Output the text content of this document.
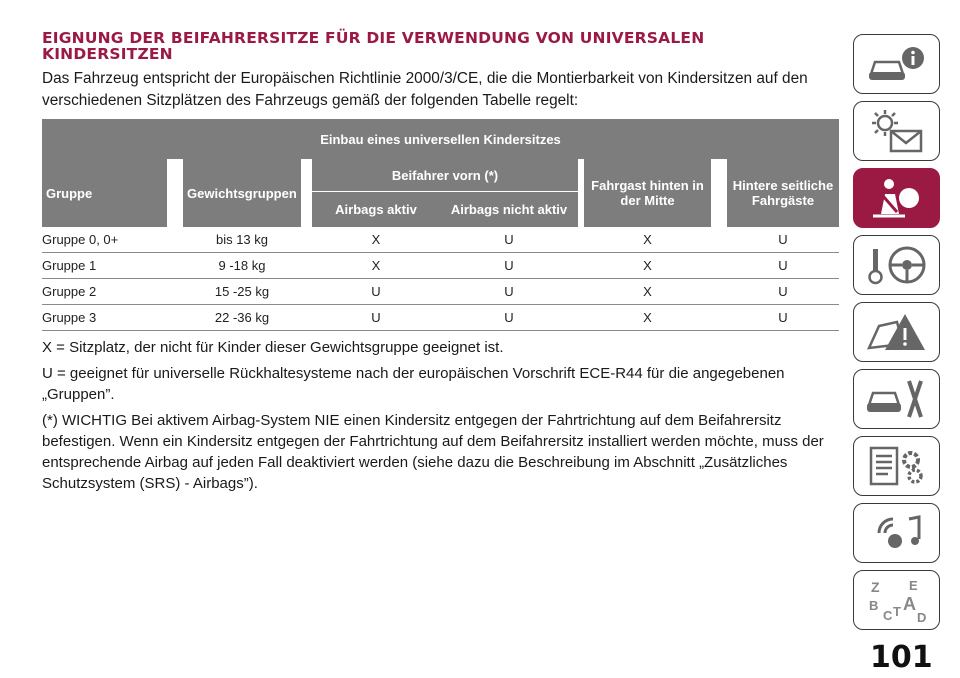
EIGNUNG DER BEIFAHRERSITZE FÜR DIE VERWENDUNG VON UNIVERSALEN KINDERSITZEN
Das Fahrzeug entspricht der Europäischen Richtlinie 2000/3/CE, die die Montierbarkeit von Kindersitzen auf den verschiedenen Sitzplätzen des Fahrzeugs gemäß der folgenden Tabelle regelt:
Einbau eines universellen Kindersitzes									
Gruppe		Gewichtsgruppen		Beifahrer vorn (*)			Fahrgast hinten in der Mitte		Hintere seitliche Fahrgäste
				Airbags aktiv	Airbags nicht aktiv				
Gruppe 0, 0+		bis 13 kg		X	U		X		U
Gruppe 1		9 -18 kg		X	U		X		U
Gruppe 2		15 -25 kg		U	U		X		U
Gruppe 3		22 -36 kg		U	U		X		U

X = Sitzplatz, der nicht für Kinder dieser Gewichtsgruppe geeignet ist.

U = geeignet für universelle Rückhaltesysteme nach der europäischen Vorschrift ECE-R44 für die angegebenen „Gruppen”.

(*) WICHTIG Bei aktivem Airbag-System NIE einen Kindersitz entgegen der Fahrtrichtung auf dem Beifahrersitz befestigen. Wenn ein Kindersitz entgegen der Fahrtrichtung auf dem Beifahrersitz installiert werden möchte, muss der entsprechende Airbag auf jeden Fall deaktiviert werden (siehe dazu die Beschreibung im Abschnitt „Zusätzliches Schutzsystem (SRS) - Airbags”).

Z E
B A
C T D
101
